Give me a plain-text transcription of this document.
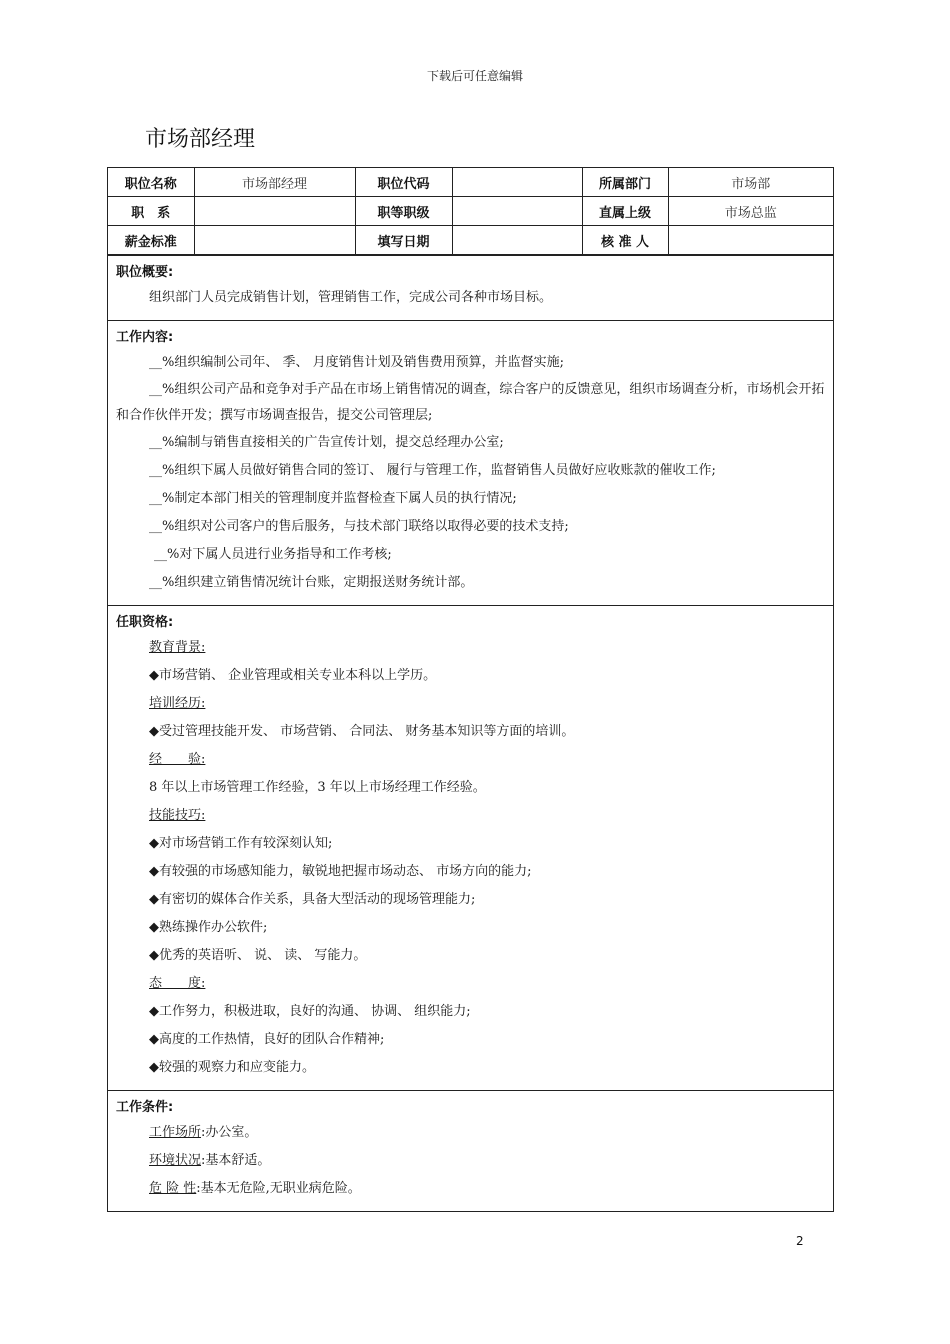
下载后可任意编辑
市场部经理
职位名称	市场部经理	职位代码		所属部门	市场部
职　系		职等职级		直属上级	市场总监
薪金标准		填写日期		核 准 人	
职位概要:
组织部门人员完成销售计划，管理销售工作，完成公司各种市场目标。
工作内容:
__%组织编制公司年、 季、 月度销售计划及销售费用预算，并监督实施;
__%组织公司产品和竞争对手产品在市场上销售情况的调查，综合客户的反馈意见，组织市场调查分析，市场机会开拓和合作伙伴开发；撰写市场调查报告，提交公司管理层;
__%编制与销售直接相关的广告宣传计划，提交总经理办公室;
__%组织下属人员做好销售合同的签订、 履行与管理工作，监督销售人员做好应收账款的催收工作;
__%制定本部门相关的管理制度并监督检查下属人员的执行情况;
__%组织对公司客户的售后服务，与技术部门联络以取得必要的技术支持;
__%对下属人员进行业务指导和工作考核;
__%组织建立销售情况统计台账，定期报送财务统计部。
任职资格:
教育背景:
◆市场营销、 企业管理或相关专业本科以上学历。
培训经历:
◆受过管理技能开发、 市场营销、 合同法、 财务基本知识等方面的培训。
经　　验:
8 年以上市场管理工作经验，3 年以上市场经理工作经验。
技能技巧:
◆对市场营销工作有较深刻认知;
◆有较强的市场感知能力，敏锐地把握市场动态、 市场方向的能力;
◆有密切的媒体合作关系，具备大型活动的现场管理能力;
◆熟练操作办公软件;
◆优秀的英语听、 说、 读、 写能力。
态　　度:
◆工作努力，积极进取，良好的沟通、 协调、 组织能力;
◆高度的工作热情，良好的团队合作精神;
◆较强的观察力和应变能力。
工作条件:
工作场所:办公室。
环境状况:基本舒适。
危 险 性:基本无危险,无职业病危险。
2
